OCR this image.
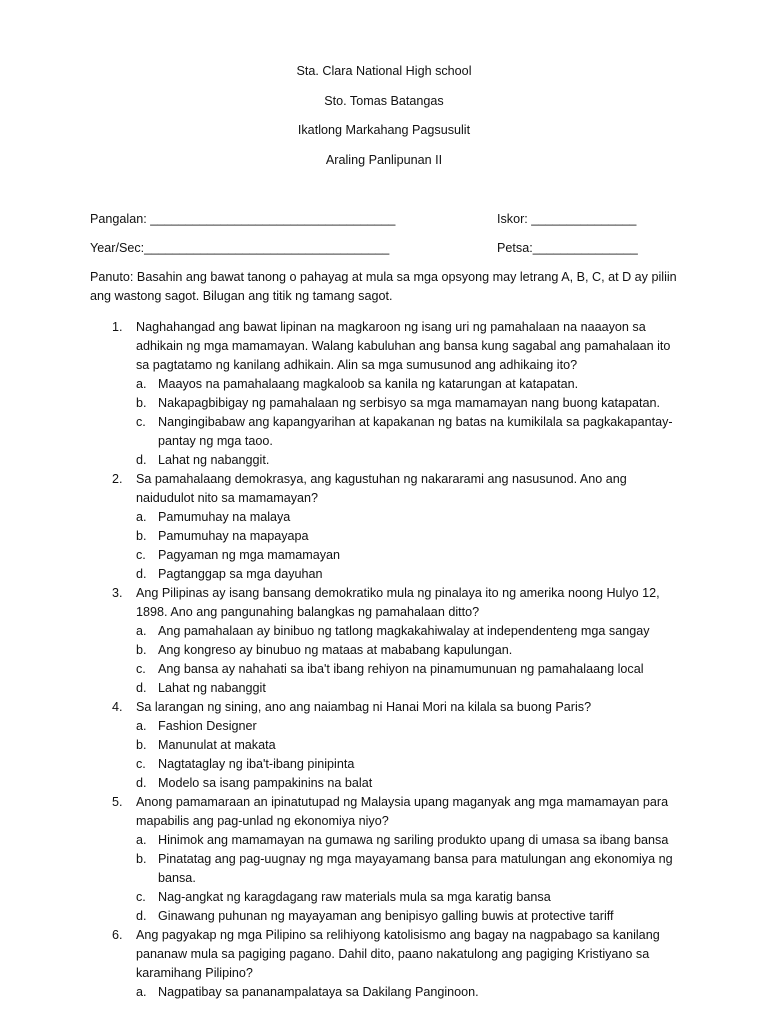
Sta. Clara National High school
Sto. Tomas Batangas
Ikatlong Markahang Pagsusulit
Araling Panlipunan II
Pangalan: ___________________________________	Iskor: _______________
Year/Sec:___________________________________	Petsa:_______________
Panuto: Basahin ang bawat tanong o pahayag at mula sa mga opsyong may letrang A, B, C, at D ay piliin ang wastong sagot. Bilugan ang titik ng tamang sagot.
1. Naghahangad ang bawat lipinan na magkaroon ng isang uri ng pamahalaan na naaayon sa adhikain ng mga mamamayan. Walang kabuluhan ang bansa kung sagabal ang pamahalaan ito sa pagtatamo ng kanilang adhikain. Alin sa mga sumusunod ang adhikaing ito?
a. Maayos na pamahalaang magkaloob sa kanila ng katarungan at katapatan.
b. Nakapagbibigay ng pamahalaan ng serbisyo sa mga mamamayan nang buong katapatan.
c. Nangingibabaw ang kapangyarihan at kapakanan ng batas na kumikilala sa pagkakapantay-pantay ng mga taoo.
d. Lahat ng nabanggit.
2. Sa pamahalaang demokrasya, ang kagustuhan ng nakararami ang nasusunod. Ano ang naidudulot nito sa mamamayan?
a. Pamumuhay na malaya
b. Pamumuhay na mapayapa
c. Pagyaman ng mga mamamayan
d. Pagtanggap sa mga dayuhan
3. Ang Pilipinas ay isang bansang demokratiko mula ng pinalaya ito ng amerika noong Hulyo 12, 1898. Ano ang pangunahing balangkas ng pamahalaan ditto?
a. Ang pamahalaan ay binibuo ng tatlong magkakahiwalay at independenteng mga sangay
b. Ang kongreso ay binubuo ng mataas at mababang kapulungan.
c. Ang bansa ay nahahati sa iba't ibang rehiyon na pinamumunuan ng pamahalaang local
d. Lahat ng nabanggit
4. Sa larangan ng sining, ano ang naiambag ni Hanai Mori na kilala sa buong Paris?
a. Fashion Designer
b. Manunulat at makata
c. Nagtataglay ng iba't-ibang pinipinta
d. Modelo sa isang pampakinins na balat
5. Anong pamamaraan an ipinatutupad ng Malaysia upang maganyak ang mga mamamayan para mapabilis ang pag-unlad ng ekonomiya niyo?
a. Hinimok ang mamamayan na gumawa ng sariling produkto upang di umasa sa ibang bansa
b. Pinatatag ang pag-uugnay ng mga mayayamang bansa para matulungan ang ekonomiya ng bansa.
c. Nag-angkat ng karagdagang raw materials mula sa mga karatig bansa
d. Ginawang puhunan ng mayayaman ang benipisyo galling buwis at protective tariff
6. Ang pagyakap ng mga Pilipino sa relihiyong katolisismo ang bagay na nagpabago sa kanilang pananaw mula sa pagiging pagano. Dahil dito, paano nakatulong ang pagiging Kristiyano sa karamihang Pilipino?
a. Nagpatibay sa pananampalataya sa Dakilang Panginoon.
